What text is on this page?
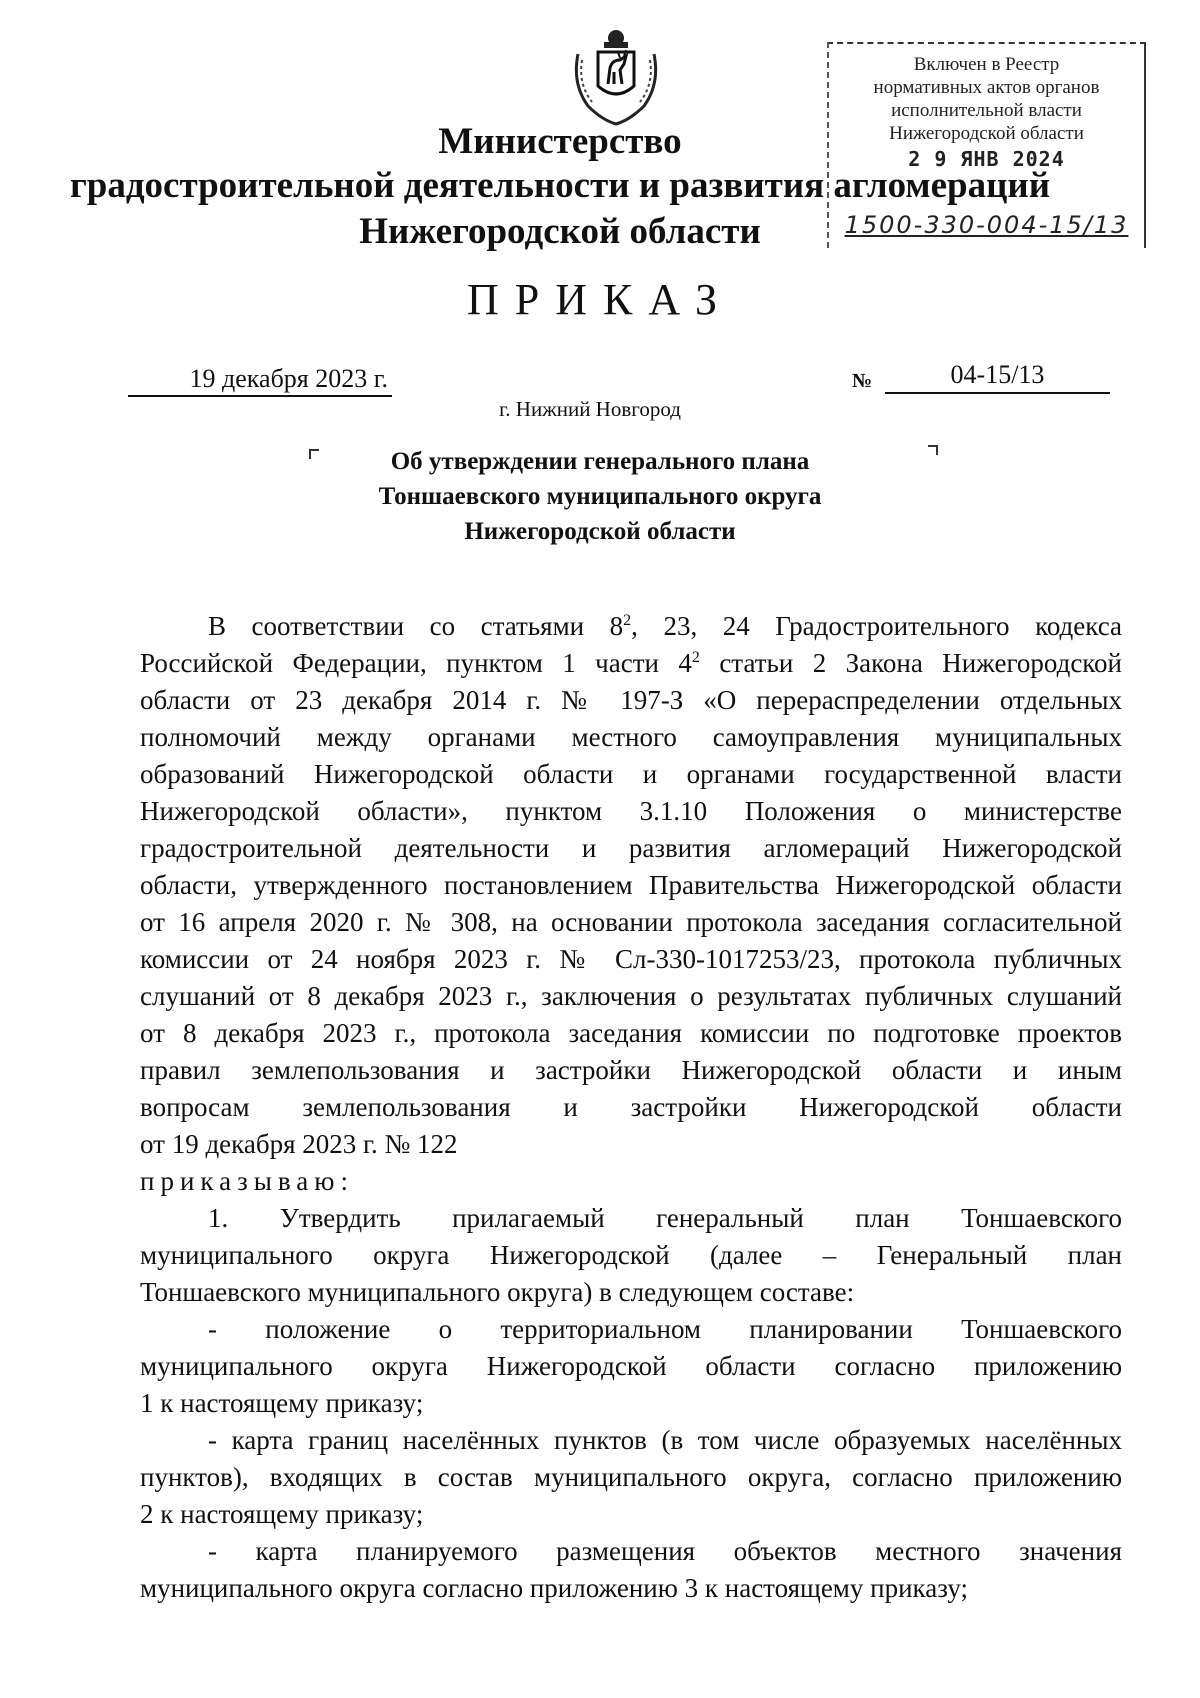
Включен в Реестр
нормативных актов органов
исполнительной власти
Нижегородской области
2 9 ЯНВ 2024
1500-330-004-15/13
Министерство
градостроительной деятельности и развития агломераций
Нижегородской области
ПРИКАЗ
19 декабря 2023 г.	№	04-15/13
г. Нижний Новгород
Об утверждении генерального плана
Тоншаевского муниципального округа
Нижегородской области

В соответствии со статьями $8^2$, 23, 24 Градостроительного кодекса

Российской Федерации, пунктом 1 части $4^2$ статьи 2 Закона Нижегородской

области от 23 декабря 2014 г. № 197-З «О перераспределении отдельных

полномочий между органами местного самоуправления муниципальных

образований Нижегородской области и органами государственной власти

Нижегородской области», пунктом 3.1.10 Положения о министерстве

градостроительной деятельности и развития агломераций Нижегородской

области, утвержденного постановлением Правительства Нижегородской области

от 16 апреля 2020 г. № 308, на основании протокола заседания согласительной

комиссии от 24 ноября 2023 г. № Сл-330-1017253/23, протокола публичных

слушаний от 8 декабря 2023 г., заключения о результатах публичных слушаний

от 8 декабря 2023 г., протокола заседания комиссии по подготовке проектов

правил землепользования и застройки Нижегородской области и иным

вопросам землепользования и застройки Нижегородской области

от 19 декабря 2023 г. № 122

приказываю:

1. Утвердить прилагаемый генеральный план Тоншаевского

муниципального округа Нижегородской (далее – Генеральный план

Тоншаевского муниципального округа) в следующем составе:

- положение о территориальном планировании Тоншаевского

муниципального округа Нижегородской области согласно приложению

1 к настоящему приказу;

- карта границ населённых пунктов (в том числе образуемых населённых

пунктов), входящих в состав муниципального округа, согласно приложению

2 к настоящему приказу;

- карта планируемого размещения объектов местного значения

муниципального округа согласно приложению 3 к настоящему приказу;
